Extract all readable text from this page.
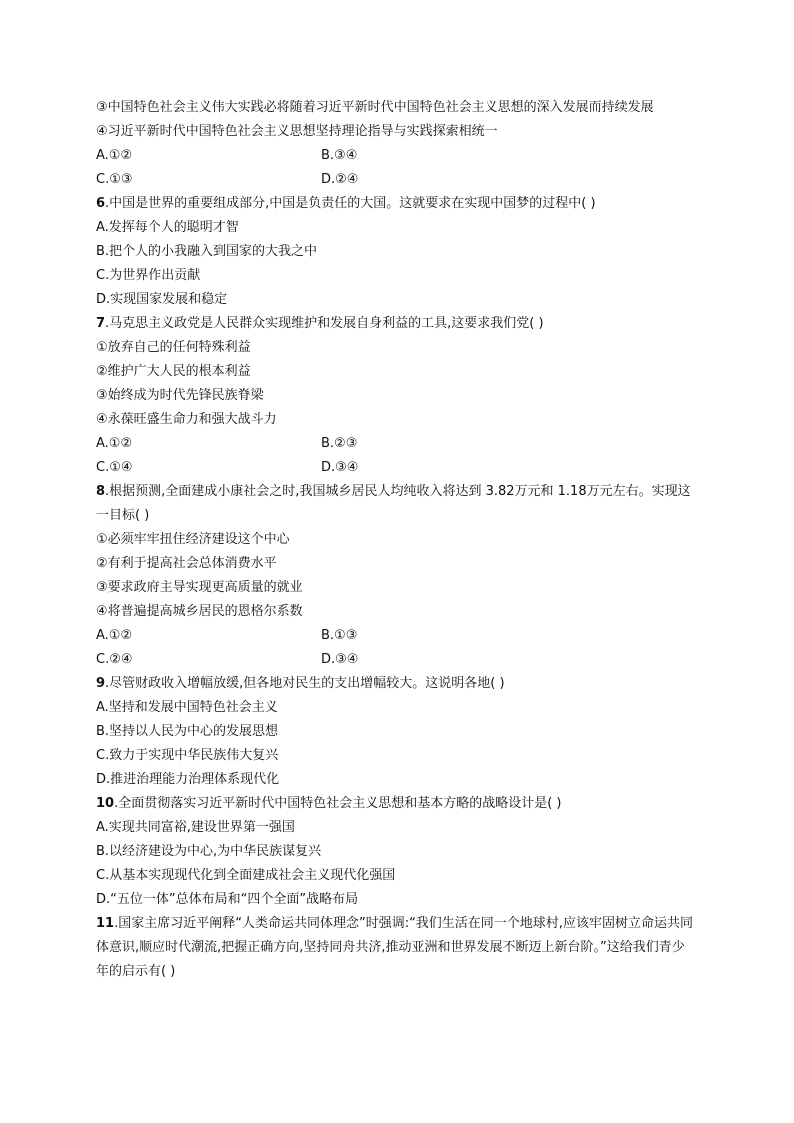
③中国特色社会主义伟大实践必将随着习近平新时代中国特色社会主义思想的深入发展而持续发展
④习近平新时代中国特色社会主义思想坚持理论指导与实践探索相统一
A.①②	B.③④
C.①③	D.②④
6.中国是世界的重要组成部分,中国是负责任的大国。这就要求在实现中国梦的过程中( )
A.发挥每个人的聪明才智
B.把个人的小我融入到国家的大我之中
C.为世界作出贡献
D.实现国家发展和稳定
7.马克思主义政党是人民群众实现维护和发展自身利益的工具,这要求我们党( )
①放弃自己的任何特殊利益
②维护广大人民的根本利益
③始终成为时代先锋民族脊梁
④永葆旺盛生命力和强大战斗力
A.①②	B.②③
C.①④	D.③④
8.根据预测,全面建成小康社会之时,我国城乡居民人均纯收入将达到 3.82万元和 1.18万元左右。实现这一目标( )
①必须牢牢扭住经济建设这个中心
②有利于提高社会总体消费水平
③要求政府主导实现更高质量的就业
④将普遍提高城乡居民的恩格尔系数
A.①②	B.①③
C.②④	D.③④
9.尽管财政收入增幅放缓,但各地对民生的支出增幅较大。这说明各地( )
A.坚持和发展中国特色社会主义
B.坚持以人民为中心的发展思想
C.致力于实现中华民族伟大复兴
D.推进治理能力治理体系现代化
10.全面贯彻落实习近平新时代中国特色社会主义思想和基本方略的战略设计是( )
A.实现共同富裕,建设世界第一强国
B.以经济建设为中心,为中华民族谋复兴
C.从基本实现现代化到全面建成社会主义现代化强国
D.“五位一体”总体布局和“四个全面”战略布局
11.国家主席习近平阐释“人类命运共同体理念”时强调:“我们生活在同一个地球村,应该牢固树立命运共同体意识,顺应时代潮流,把握正确方向,坚持同舟共济,推动亚洲和世界发展不断迈上新台阶。”这给我们青少年的启示有( )
